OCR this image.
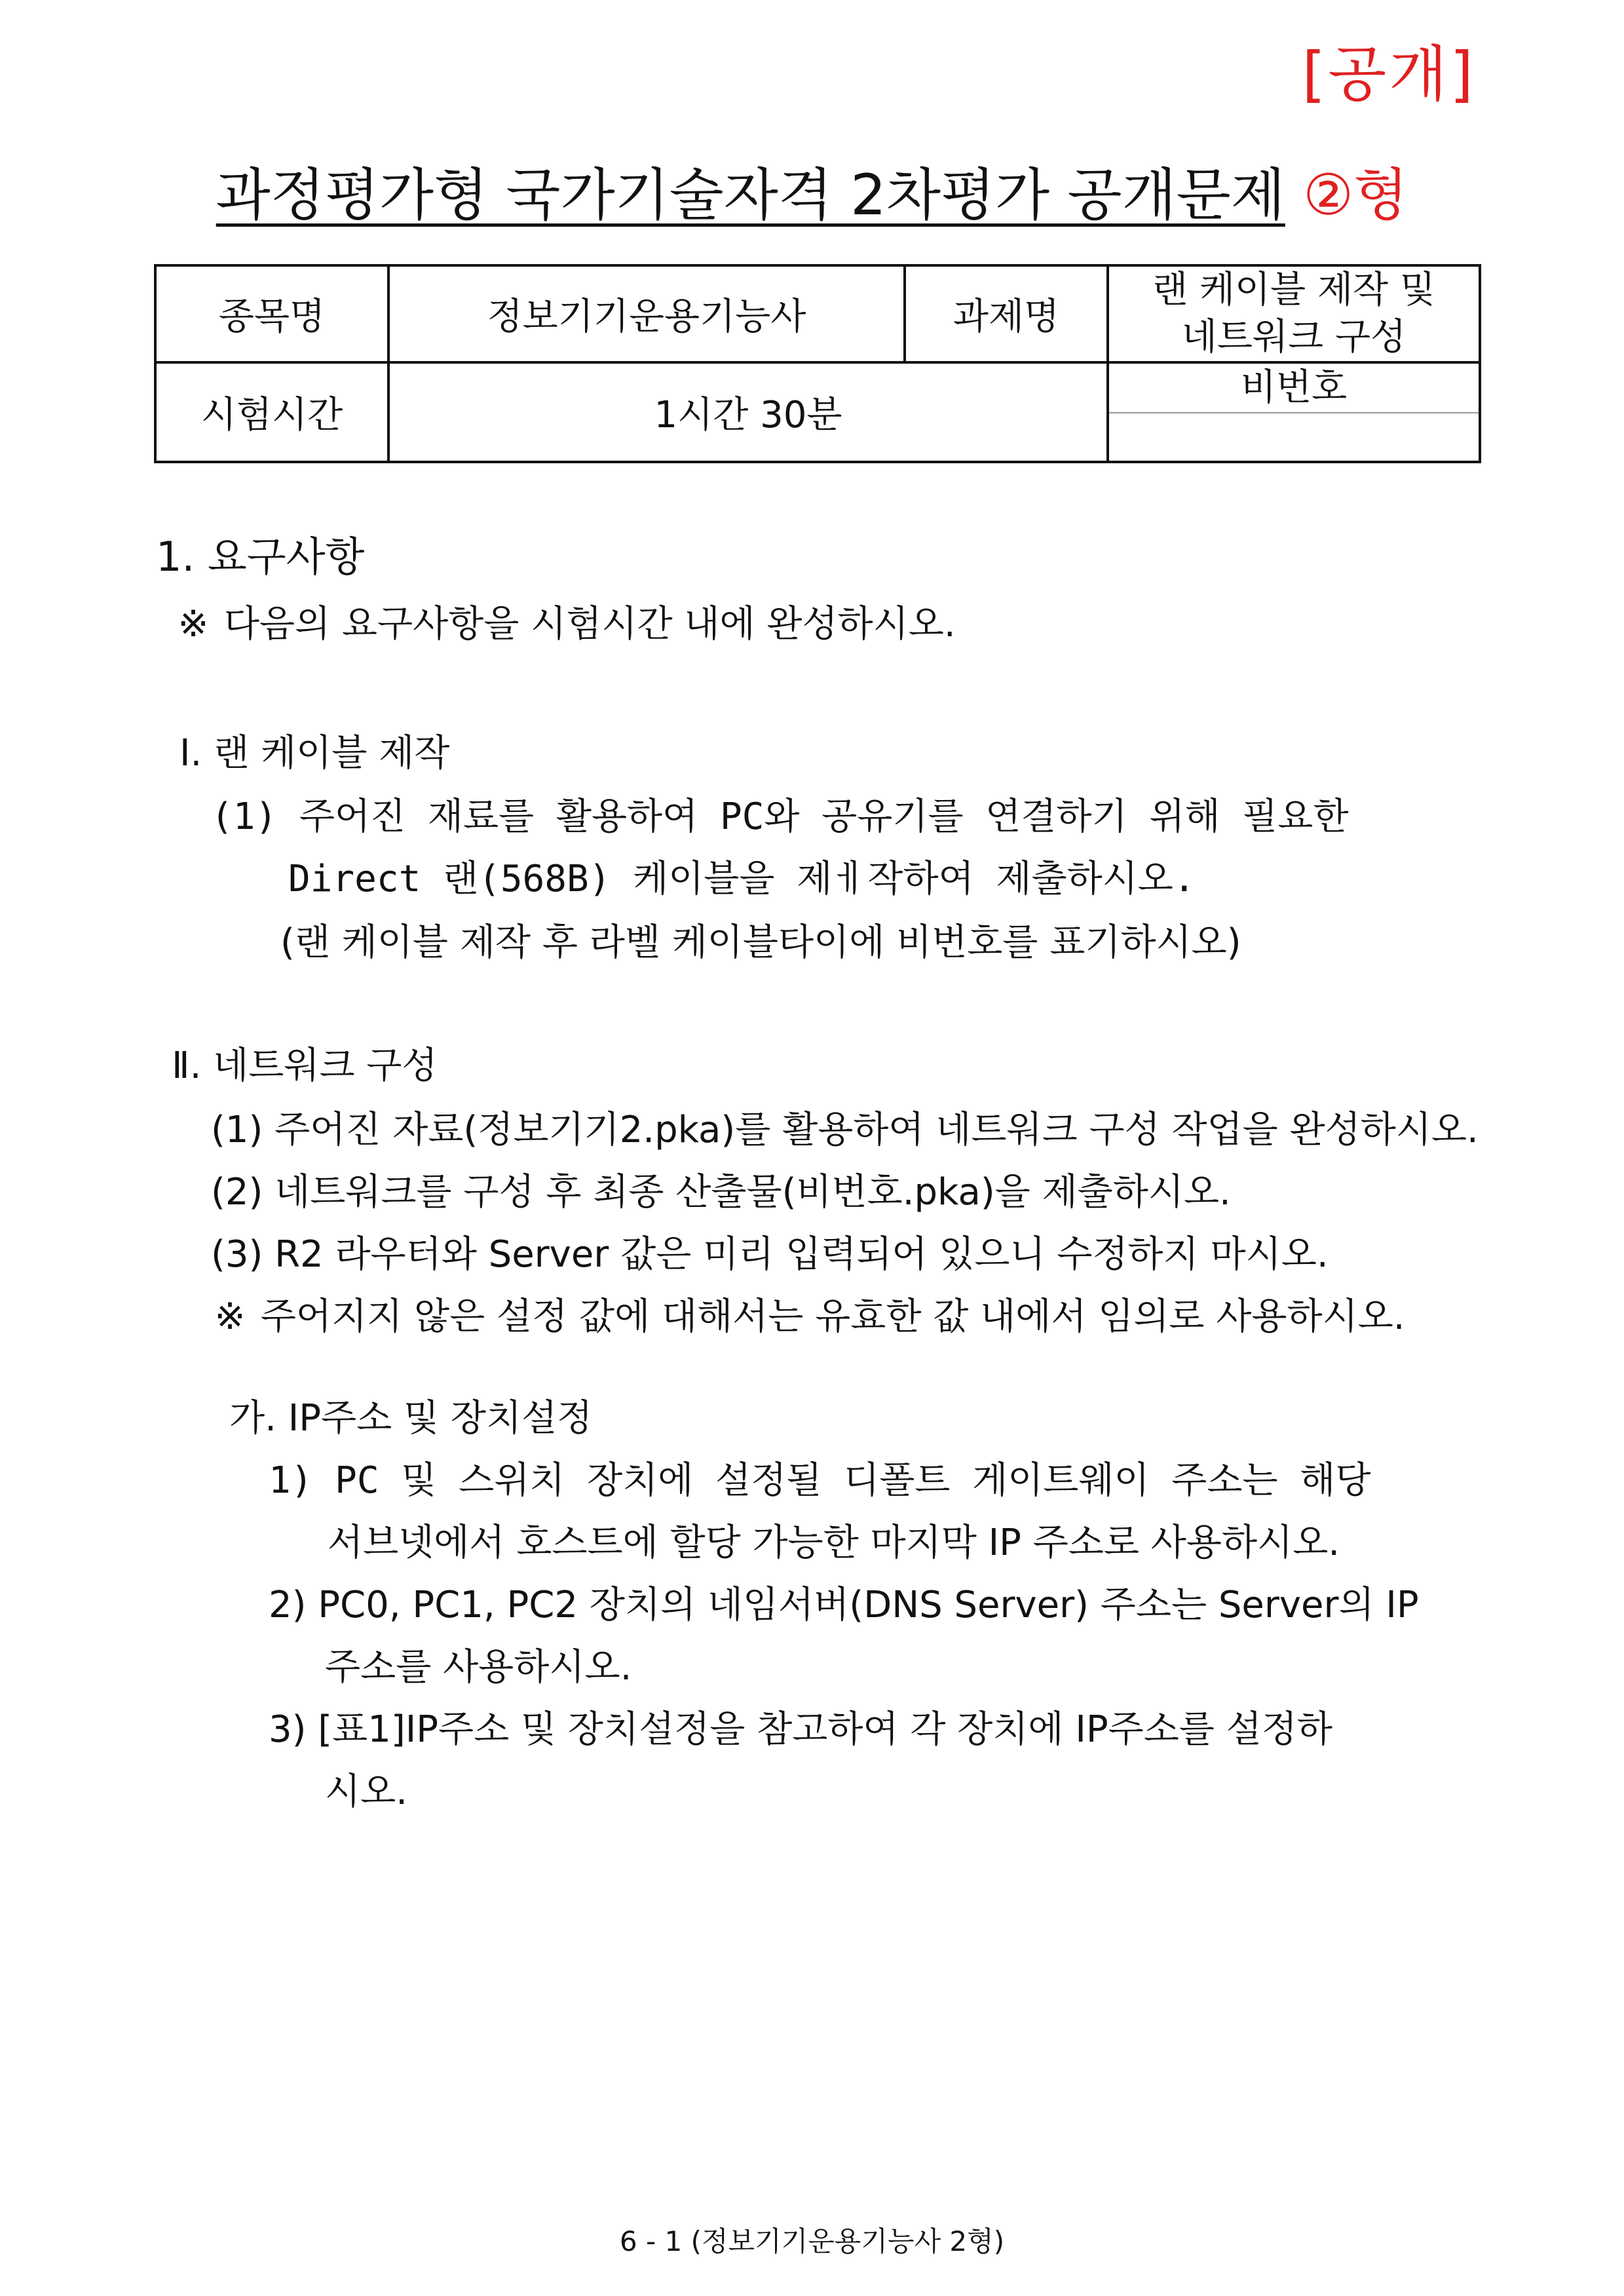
[공개]
과정평가형 국가기술자격 2차평가 공개문제 ②형
종목명	정보기기운용기능사	과제명	랜 케이블 제작 및
네트워크 구성

시험시간	1시간 30분		비번호
1. 요구사항
※ 다음의 요구사항을 시험시간 내에 완성하시오.
Ⅰ. 랜 케이블 제작
(1) 주어진 재료를 활용하여 PC와 공유기를 연결하기 위해 필요한
Direct 랜(568B) 케이블을 제ㅔ작하여 제출하시오.
(랜 케이블 제작 후 라벨 케이블타이에 비번호를 표기하시오)
Ⅱ. 네트워크 구성
(1) 주어진 자료(정보기기2.pka)를 활용하여 네트워크 구성 작업을 완성하시오.
(2) 네트워크를 구성 후 최종 산출물(비번호.pka)을 제출하시오.
(3) R2 라우터와 Server 값은 미리 입력되어 있으니 수정하지 마시오.
※ 주어지지 않은 설정 값에 대해서는 유효한 값 내에서 임의로 사용하시오.
가. IP주소 및 장치설정
1) PC 및 스위치 장치에 설정될 디폴트 게이트웨이 주소는 해당
서브넷에서 호스트에 할당 가능한 마지막 IP 주소로 사용하시오.
2) PC0, PC1, PC2 장치의 네임서버(DNS Server) 주소는 Server의 IP
주소를 사용하시오.
3) [표1]IP주소 및 장치설정을 참고하여 각 장치에 IP주소를 설정하
시오.
6 - 1 (정보기기운용기능사 2형)
